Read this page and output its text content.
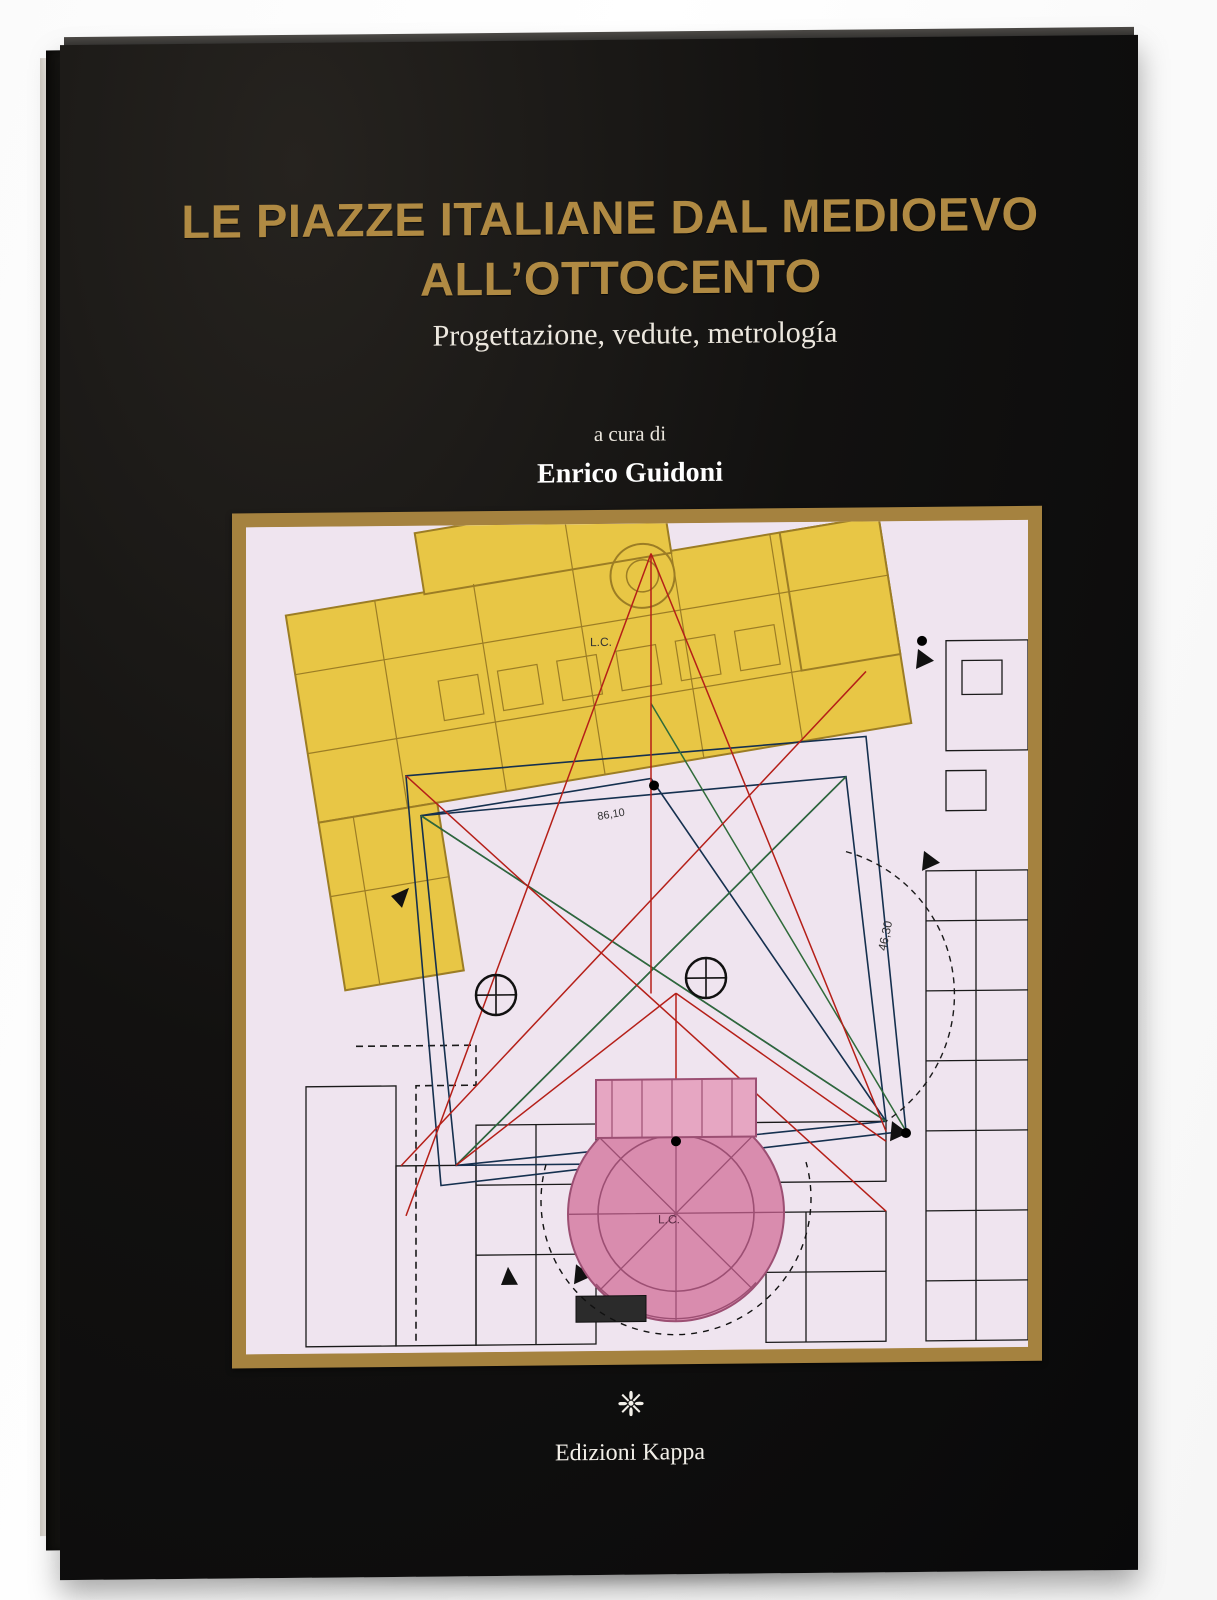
LE PIAZZE ITALIANE DAL MEDIOEVO
ALL’OTTOCENTO
Progettazione, vedute, metrología
a cura di
Enrico Guidoni
L.C.
86,10
46,30
L.C.
❈
Edizioni Kappa
